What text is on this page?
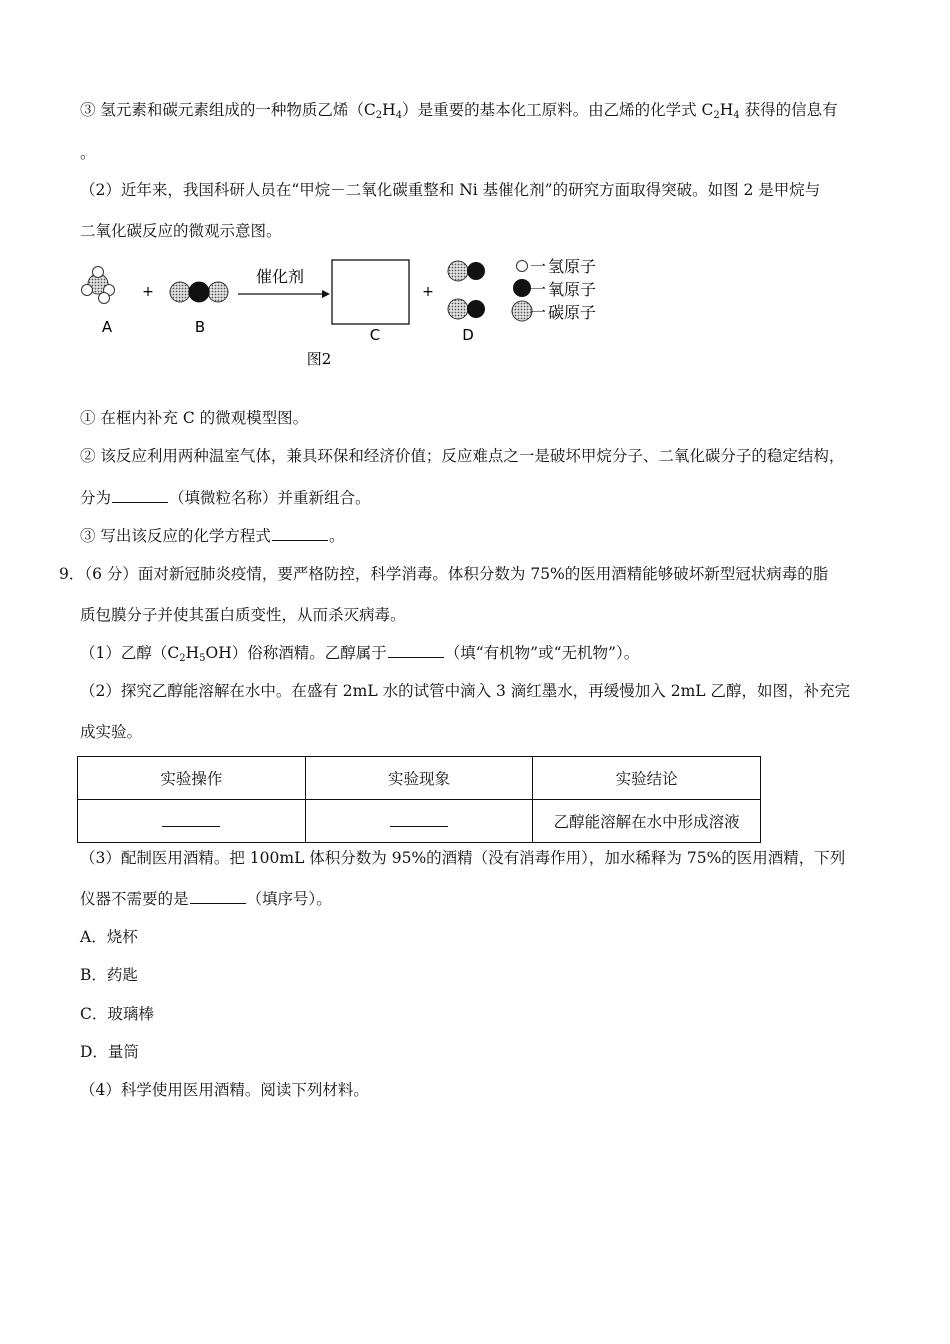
③ 氢元素和碳元素组成的一种物质乙烯$(C_2H_4)$是重要的基本化工原料。由乙烯的化学式 $C_2H_4$ 获得的信息有
。
（2）近年来，我国科研人员在“甲烷－二氧化碳重整和 Ni 基催化剂”的研究方面取得突破。如图 2 是甲烷与
二氧化碳反应的微观示意图。
A
+
B
催化剂
C
+
D
一 氢原子
一 氧原子
一 碳原子
图2
① 在框内补充 C 的微观模型图。
② 该反应利用两种温室气体，兼具环保和经济价值；反应难点之一是破坏甲烷分子、二氧化碳分子的稳定结构，
分为	（填微粒名称）并重新组合。
③ 写出该反应的化学方程式	。
9．（6 分）面对新冠肺炎疫情，要严格防控，科学消毒。体积分数为 75%的医用酒精能够破坏新型冠状病毒的脂
质包膜分子并使其蛋白质变性，从而杀灭病毒。
（1）乙醇$(C_2H_5OH)$俗称酒精。乙醇属于	（填“有机物”或“无机物”）。
（2）探究乙醇能溶解在水中。在盛有 2mL 水的试管中滴入 3 滴红墨水，再缓慢加入 2mL 乙醇，如图，补充完
成实验。
实验操作	实验现象	实验结论
		乙醇能溶解在水中形成溶液
（3）配制医用酒精。把 100mL 体积分数为 95%的酒精（没有消毒作用），加水稀释为 75%的医用酒精，下列
仪器不需要的是	（填序号）。
A．烧杯
B．药匙
C．玻璃棒
D．量筒
（4）科学使用医用酒精。阅读下列材料。
